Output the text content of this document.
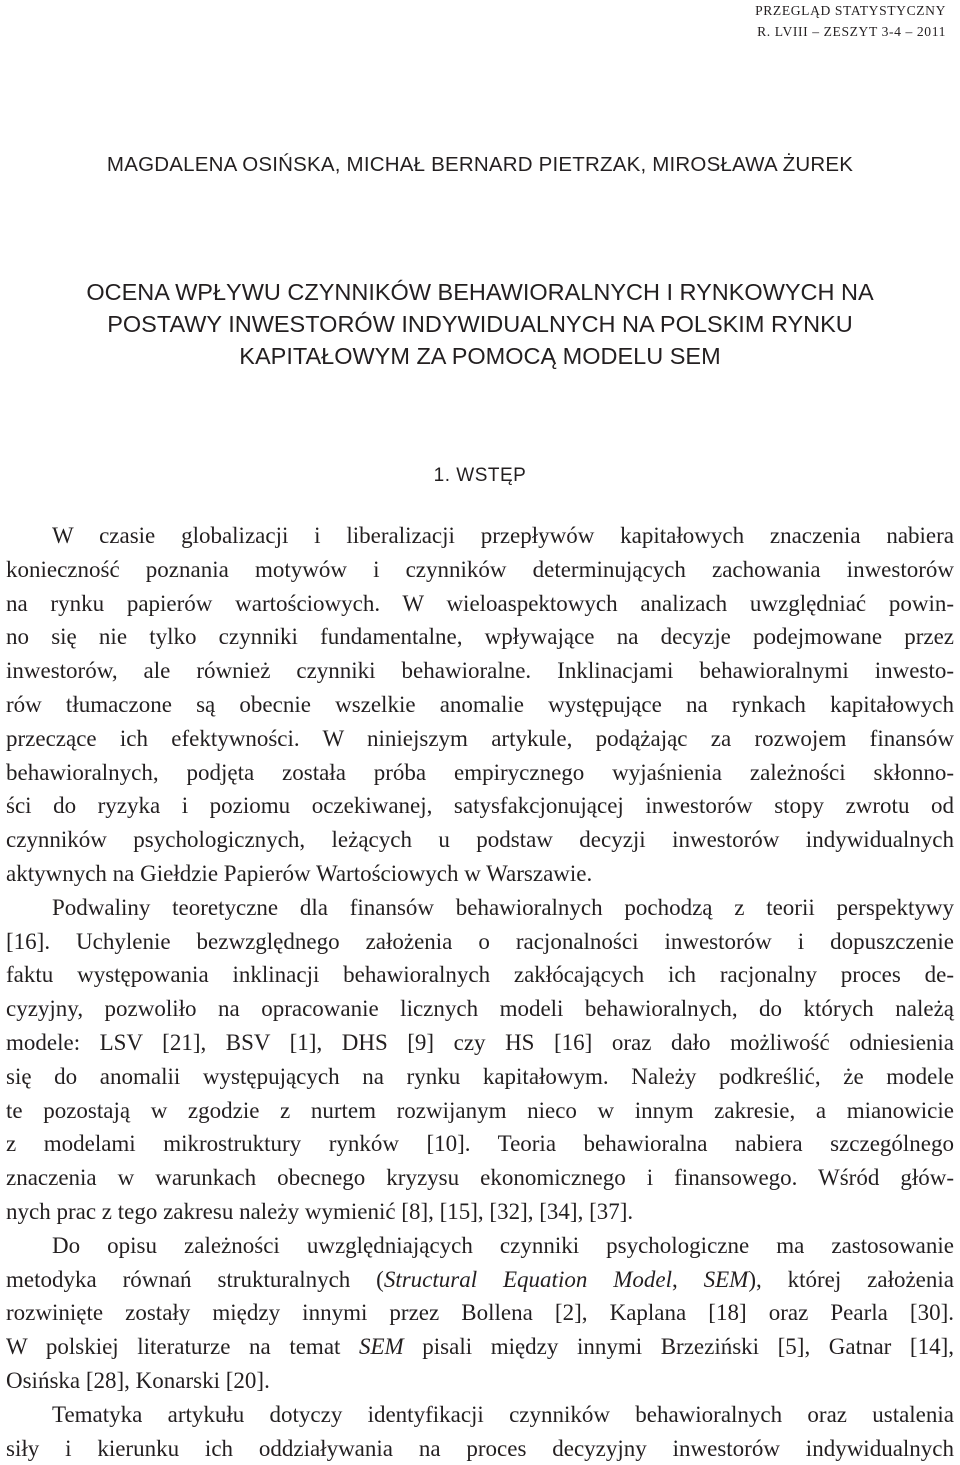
PRZEGLĄD STATYSTYCZNY
R. LVIII – ZESZYT 3-4 – 2011
MAGDALENA OSIŃSKA, MICHAŁ BERNARD PIETRZAK, MIROSŁAWA ŻUREK
OCENA WPŁYWU CZYNNIKÓW BEHAWIORALNYCH I RYNKOWYCH NA
POSTAWY INWESTORÓW INDYWIDUALNYCH NA POLSKIM RYNKU
KAPITAŁOWYM ZA POMOCĄ MODELU SEM
1. WSTĘP
W czasie globalizacji i liberalizacji przepływów kapitałowych znaczenia nabiera
konieczność poznania motywów i czynników determinujących zachowania inwestorów
na rynku papierów wartościowych. W wieloaspektowych analizach uwzględniać powin-
no się nie tylko czynniki fundamentalne, wpływające na decyzje podejmowane przez
inwestorów, ale również czynniki behawioralne. Inklinacjami behawioralnymi inwesto-
rów tłumaczone są obecnie wszelkie anomalie występujące na rynkach kapitałowych
przeczące ich efektywności. W niniejszym artykule, podążając za rozwojem finansów
behawioralnych, podjęta została próba empirycznego wyjaśnienia zależności skłonno-
ści do ryzyka i poziomu oczekiwanej, satysfakcjonującej inwestorów stopy zwrotu od
czynników psychologicznych, leżących u podstaw decyzji inwestorów indywidualnych
aktywnych na Giełdzie Papierów Wartościowych w Warszawie.
Podwaliny teoretyczne dla finansów behawioralnych pochodzą z teorii perspektywy
[16]. Uchylenie bezwzględnego założenia o racjonalności inwestorów i dopuszczenie
faktu występowania inklinacji behawioralnych zakłócających ich racjonalny proces de-
cyzyjny, pozwoliło na opracowanie licznych modeli behawioralnych, do których należą
modele: LSV [21], BSV [1], DHS [9] czy HS [16] oraz dało możliwość odniesienia
się do anomalii występujących na rynku kapitałowym. Należy podkreślić, że modele
te pozostają w zgodzie z nurtem rozwijanym nieco w innym zakresie, a mianowicie
z modelami mikrostruktury rynków [10]. Teoria behawioralna nabiera szczególnego
znaczenia w warunkach obecnego kryzysu ekonomicznego i finansowego. Wśród głów-
nych prac z tego zakresu należy wymienić [8], [15], [32], [34], [37].
Do opisu zależności uwzględniających czynniki psychologiczne ma zastosowanie
metodyka równań strukturalnych (Structural Equation Model, SEM), której założenia
rozwinięte zostały między innymi przez Bollena [2], Kaplana [18] oraz Pearla [30].
W polskiej literaturze na temat SEM pisali między innymi Brzeziński [5], Gatnar [14],
Osińska [28], Konarski [20].
Tematyka artykułu dotyczy identyfikacji czynników behawioralnych oraz ustalenia
siły i kierunku ich oddziaływania na proces decyzyjny inwestorów indywidualnych
